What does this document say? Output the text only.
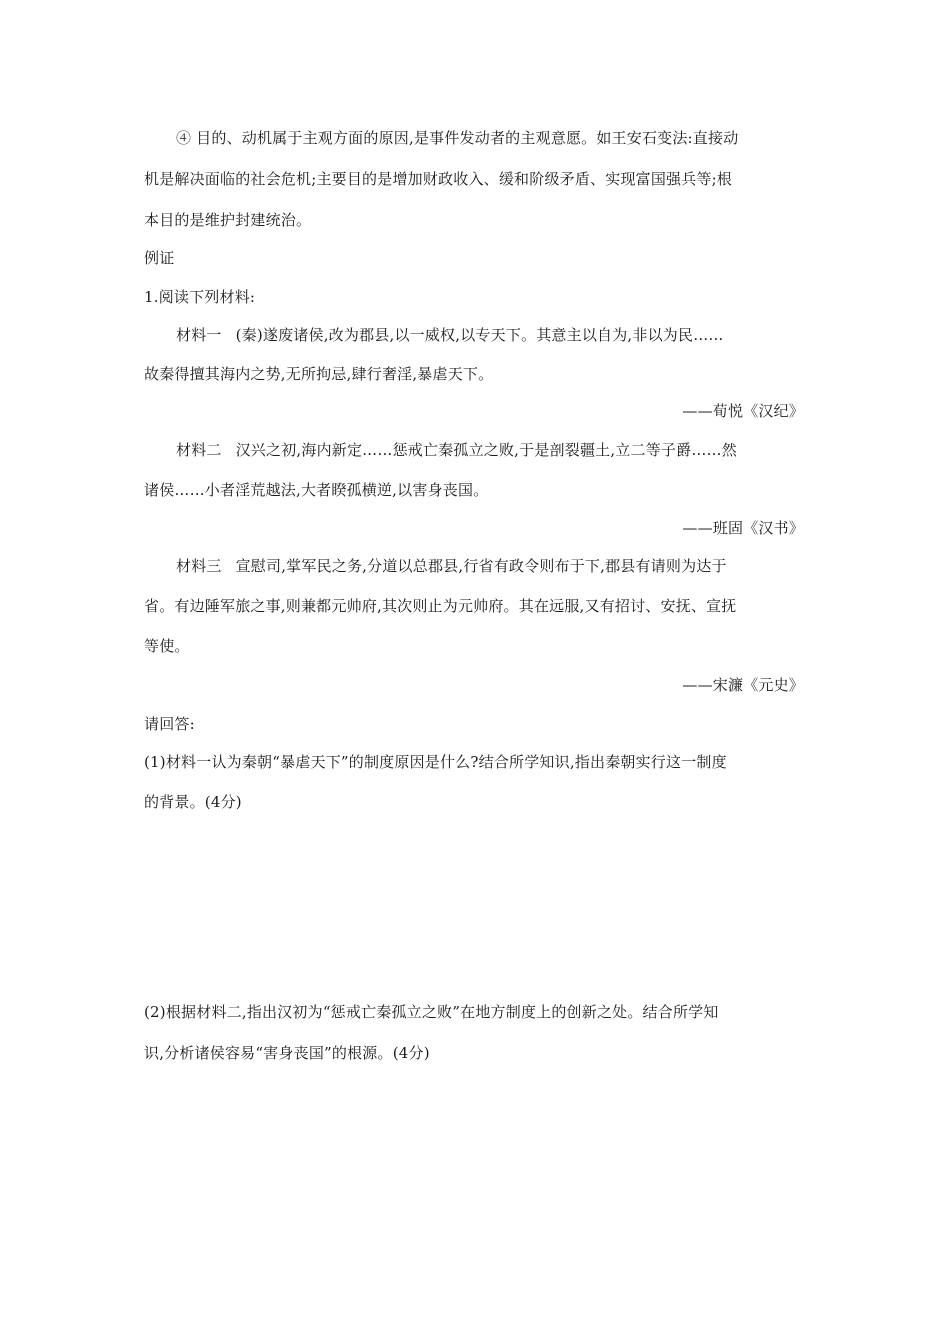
④ 目的、动机属于主观方面的原因,是事件发动者的主观意愿。如王安石变法:直接动
机是解决面临的社会危机;主要目的是增加财政收入、缓和阶级矛盾、实现富国强兵等;根
本目的是维护封建统治。
例证
1.阅读下列材料:
材料一 (秦)遂废诸侯,改为郡县,以一威权,以专天下。其意主以自为,非以为民……
故秦得擅其海内之势,无所拘忌,肆行奢淫,暴虐天下。
——荀悦《汉纪》
材料二 汉兴之初,海内新定……惩戒亡秦孤立之败,于是剖裂疆土,立二等子爵……然
诸侯……小者淫荒越法,大者睽孤横逆,以害身丧国。
——班固《汉书》
材料三 宣慰司,掌军民之务,分道以总郡县,行省有政令则布于下,郡县有请则为达于
省。有边陲军旅之事,则兼都元帅府,其次则止为元帅府。其在远服,又有招讨、安抚、宣抚
等使。
——宋濂《元史》
请回答:
(1)材料一认为秦朝“暴虐天下”的制度原因是什么?结合所学知识,指出秦朝实行这一制度
的背景。(4分)
(2)根据材料二,指出汉初为“惩戒亡秦孤立之败”在地方制度上的创新之处。结合所学知
识,分析诸侯容易“害身丧国”的根源。(4分)
